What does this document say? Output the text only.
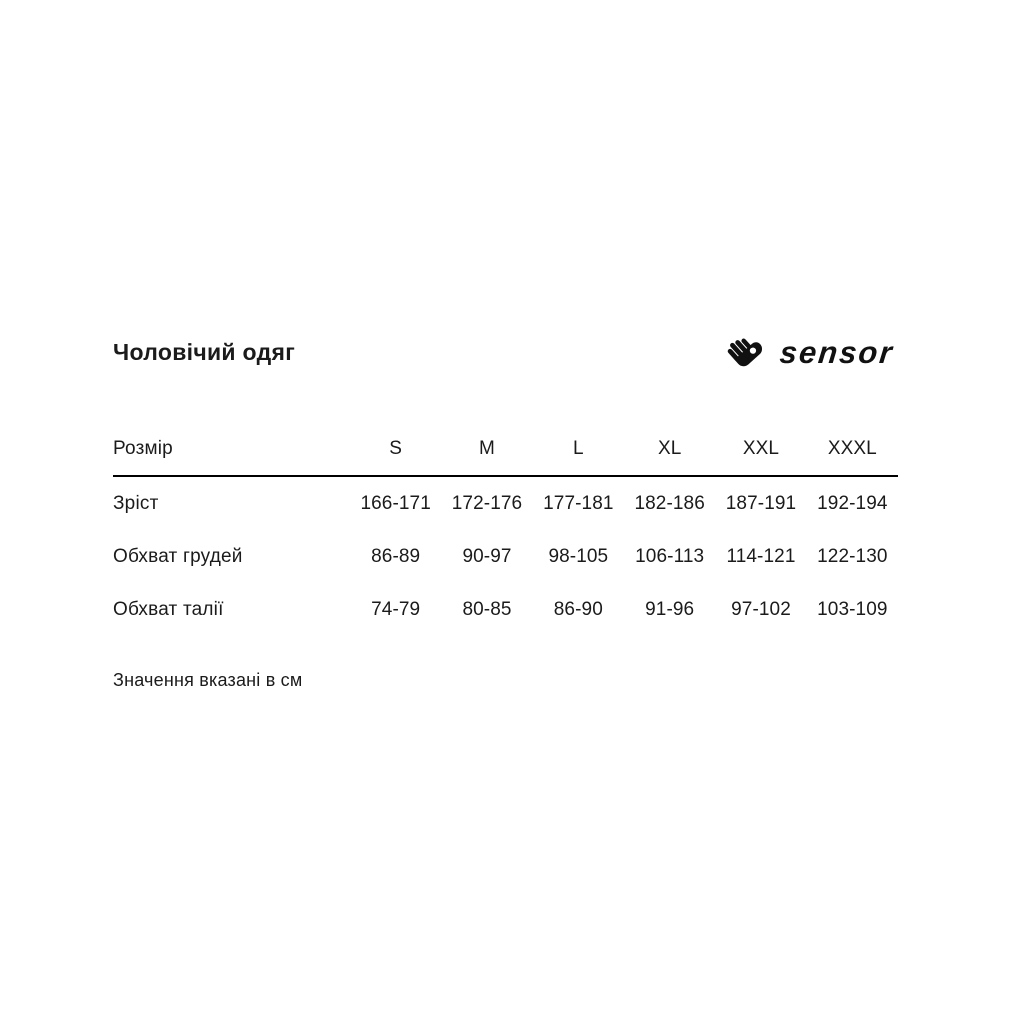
Чоловічий одяг	sensor
Розмір	S	M	L	XL	XXL	XXXL
Зріст	166-171	172-176	177-181	182-186	187-191	192-194
Обхват грудей	86-89	90-97	98-105	106-113	114-121	122-130
Обхват талії	74-79	80-85	86-90	91-96	97-102	103-109
Значення вказані в см
